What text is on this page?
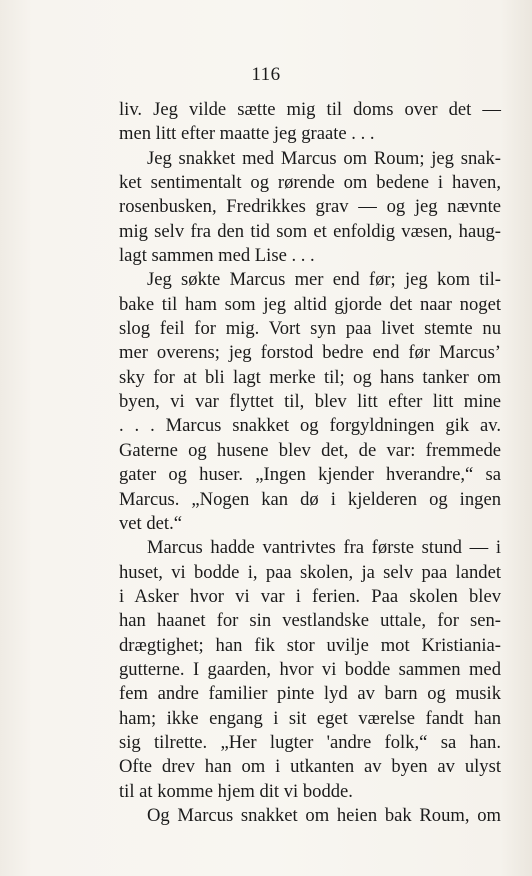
116
liv. Jeg vilde sætte mig til doms over det —
men litt efter maatte jeg graate . . .
Jeg snakket med Marcus om Roum; jeg snak-
ket sentimentalt og rørende om bedene i haven,
rosenbusken, Fredrikkes grav — og jeg nævnte
mig selv fra den tid som et enfoldig væsen, haug-
lagt sammen med Lise . . .
Jeg søkte Marcus mer end før; jeg kom til-
bake til ham som jeg altid gjorde det naar noget
slog feil for mig. Vort syn paa livet stemte nu
mer overens; jeg forstod bedre end før Marcus’
sky for at bli lagt merke til; og hans tanker om
byen, vi var flyttet til, blev litt efter litt mine
. . . Marcus snakket og forgyldningen gik av.
Gaterne og husene blev det, de var: fremmede
gater og huser. „Ingen kjender hverandre,“ sa
Marcus. „Nogen kan dø i kjelderen og ingen
vet det.“
Marcus hadde vantrivtes fra første stund — i
huset, vi bodde i, paa skolen, ja selv paa landet
i Asker hvor vi var i ferien. Paa skolen blev
han haanet for sin vestlandske uttale, for sen-
drægtighet; han fik stor uvilje mot Kristiania-
gutterne. I gaarden, hvor vi bodde sammen med
fem andre familier pinte lyd av barn og musik
ham; ikke engang i sit eget værelse fandt han
sig tilrette. „Her lugter 'andre folk,“ sa han.
Ofte drev han om i utkanten av byen av ulyst
til at komme hjem dit vi bodde.
Og Marcus snakket om heien bak Roum, om
